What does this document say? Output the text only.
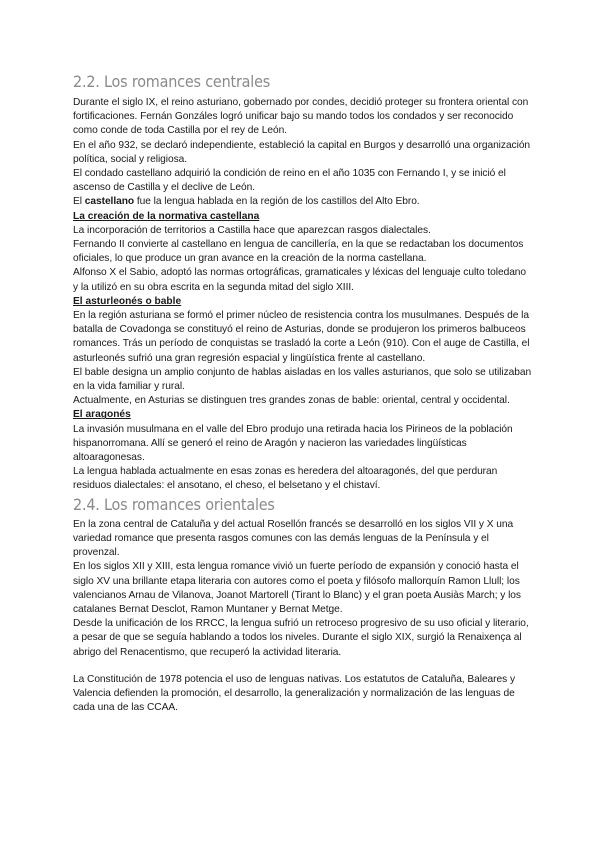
2.2. Los romances centrales

Durante el siglo IX, el reino asturiano, gobernado por condes, decidió proteger su frontera oriental con fortificaciones. Fernán Gonzáles logró unificar bajo su mando todos los condados y ser reconocido como conde de toda Castilla por el rey de León.

En el año 932, se declaró independiente, estableció la capital en Burgos y desarrolló una organización política, social y religiosa.

El condado castellano adquirió la condición de reino en el año 1035 con Fernando I, y se inició el ascenso de Castilla y el declive de León.

El castellano fue la lengua hablada en la región de los castillos del Alto Ebro.

La creación de la normativa castellana

La incorporación de territorios a Castilla hace que aparezcan rasgos dialectales.

Fernando II convierte al castellano en lengua de cancillería, en la que se redactaban los documentos oficiales, lo que produce un gran avance en la creación de la norma castellana.

Alfonso X el Sabio, adoptó las normas ortográficas, gramaticales y léxicas del lenguaje culto toledano y la utilizó en su obra escrita en la segunda mitad del siglo XIII.

El asturleonés o bable

En la región asturiana se formó el primer núcleo de resistencia contra los musulmanes. Después de la batalla de Covadonga se constituyó el reino de Asturias, donde se produjeron los primeros balbuceos romances. Trás un período de conquistas se trasladó la corte a León (910). Con el auge de Castilla, el asturleonés sufrió una gran regresión espacial y lingüística frente al castellano.

El bable designa un amplio conjunto de hablas aisladas en los valles asturianos, que solo se utilizaban en la vida familiar y rural.

Actualmente, en Asturias se distinguen tres grandes zonas de bable: oriental, central y occidental.

El aragonés

La invasión musulmana en el valle del Ebro produjo una retirada hacia los Pirineos de la población hispanorromana. Allí se generó el reino de Aragón y nacieron las variedades lingüísticas altoaragonesas.

La lengua hablada actualmente en esas zonas es heredera del altoaragonés, del que perduran residuos dialectales: el ansotano, el cheso, el belsetano y el chistaví.

2.4. Los romances orientales

En la zona central de Cataluña y del actual Rosellón francés se desarrolló en los siglos VII y X una variedad romance que presenta rasgos comunes con las demás lenguas de la Península y el provenzal.

En los siglos XII y XIII, esta lengua romance vivió un fuerte período de expansión y conoció hasta el siglo XV una brillante etapa literaria con autores como el poeta y filósofo mallorquín Ramon Llull; los valencianos Arnau de Vilanova, Joanot Martorell (Tirant lo Blanc) y el gran poeta Ausiàs March; y los catalanes Bernat Desclot, Ramon Muntaner y Bernat Metge.

Desde la unificación de los RRCC, la lengua sufrió un retroceso progresivo de su uso oficial y literario, a pesar de que se seguía hablando a todos los niveles. Durante el siglo XIX, surgió la Renaixença al abrigo del Renacentismo, que recuperó la actividad literaria.

La Constitución de 1978 potencia el uso de lenguas nativas. Los estatutos de Cataluña, Baleares y Valencia defienden la promoción, el desarrollo, la generalización y normalización de las lenguas de cada una de las CCAA.
